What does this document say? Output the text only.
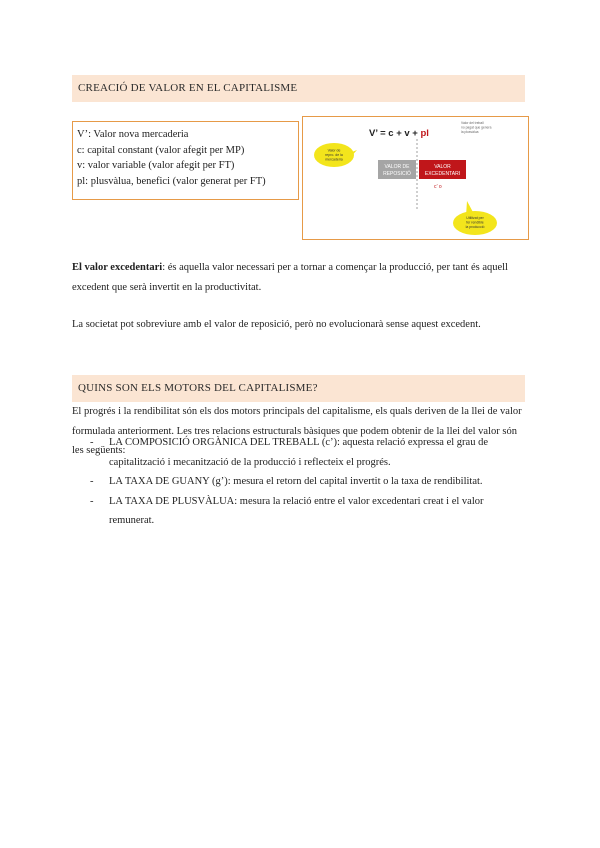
CREACIÓ DE VALOR EN EL CAPITALISME
V’: Valor nova mercaderia
c: capital constant (valor afegit per MP)
v: valor variable (valor afegit per FT)
pl: plusvàlua, benefici (valor generat per FT)
V’ = c + v + pl
Valor del treball
no pagat que genera
la plusvàlua
VALOR DE
REPOSICIÓ
VALOR
EXCEDENTARI
c’ o
Valor de
repro. de la
mercaderia
Utilitzat per
fer rendible
la producció
El valor excedentari: és aquella valor necessari per a tornar a començar la producció, per tant és aquell excedent que serà invertit en la productivitat.
La societat pot sobreviure amb el valor de reposició, però no evolucionarà sense aquest excedent.
QUINS SON ELS MOTORS DEL CAPITALISME?
El progrés i la rendibilitat són els dos motors principals del capitalisme, els quals deriven de la llei de valor formulada anteriorment. Les tres relacions estructurals bàsiques que podem obtenir de la llei del valor són les següents:
- LA COMPOSICIÓ ORGÀNICA DEL TREBALL (c’): aquesta relació expressa el grau de capitalització i mecanització de la producció i reflecteix el progrés.
- LA TAXA DE GUANY (g’): mesura el retorn del capital invertit o la taxa de rendibilitat.
- LA TAXA DE PLUSVÀLUA: mesura la relació entre el valor excedentari creat i el valor remunerat.
